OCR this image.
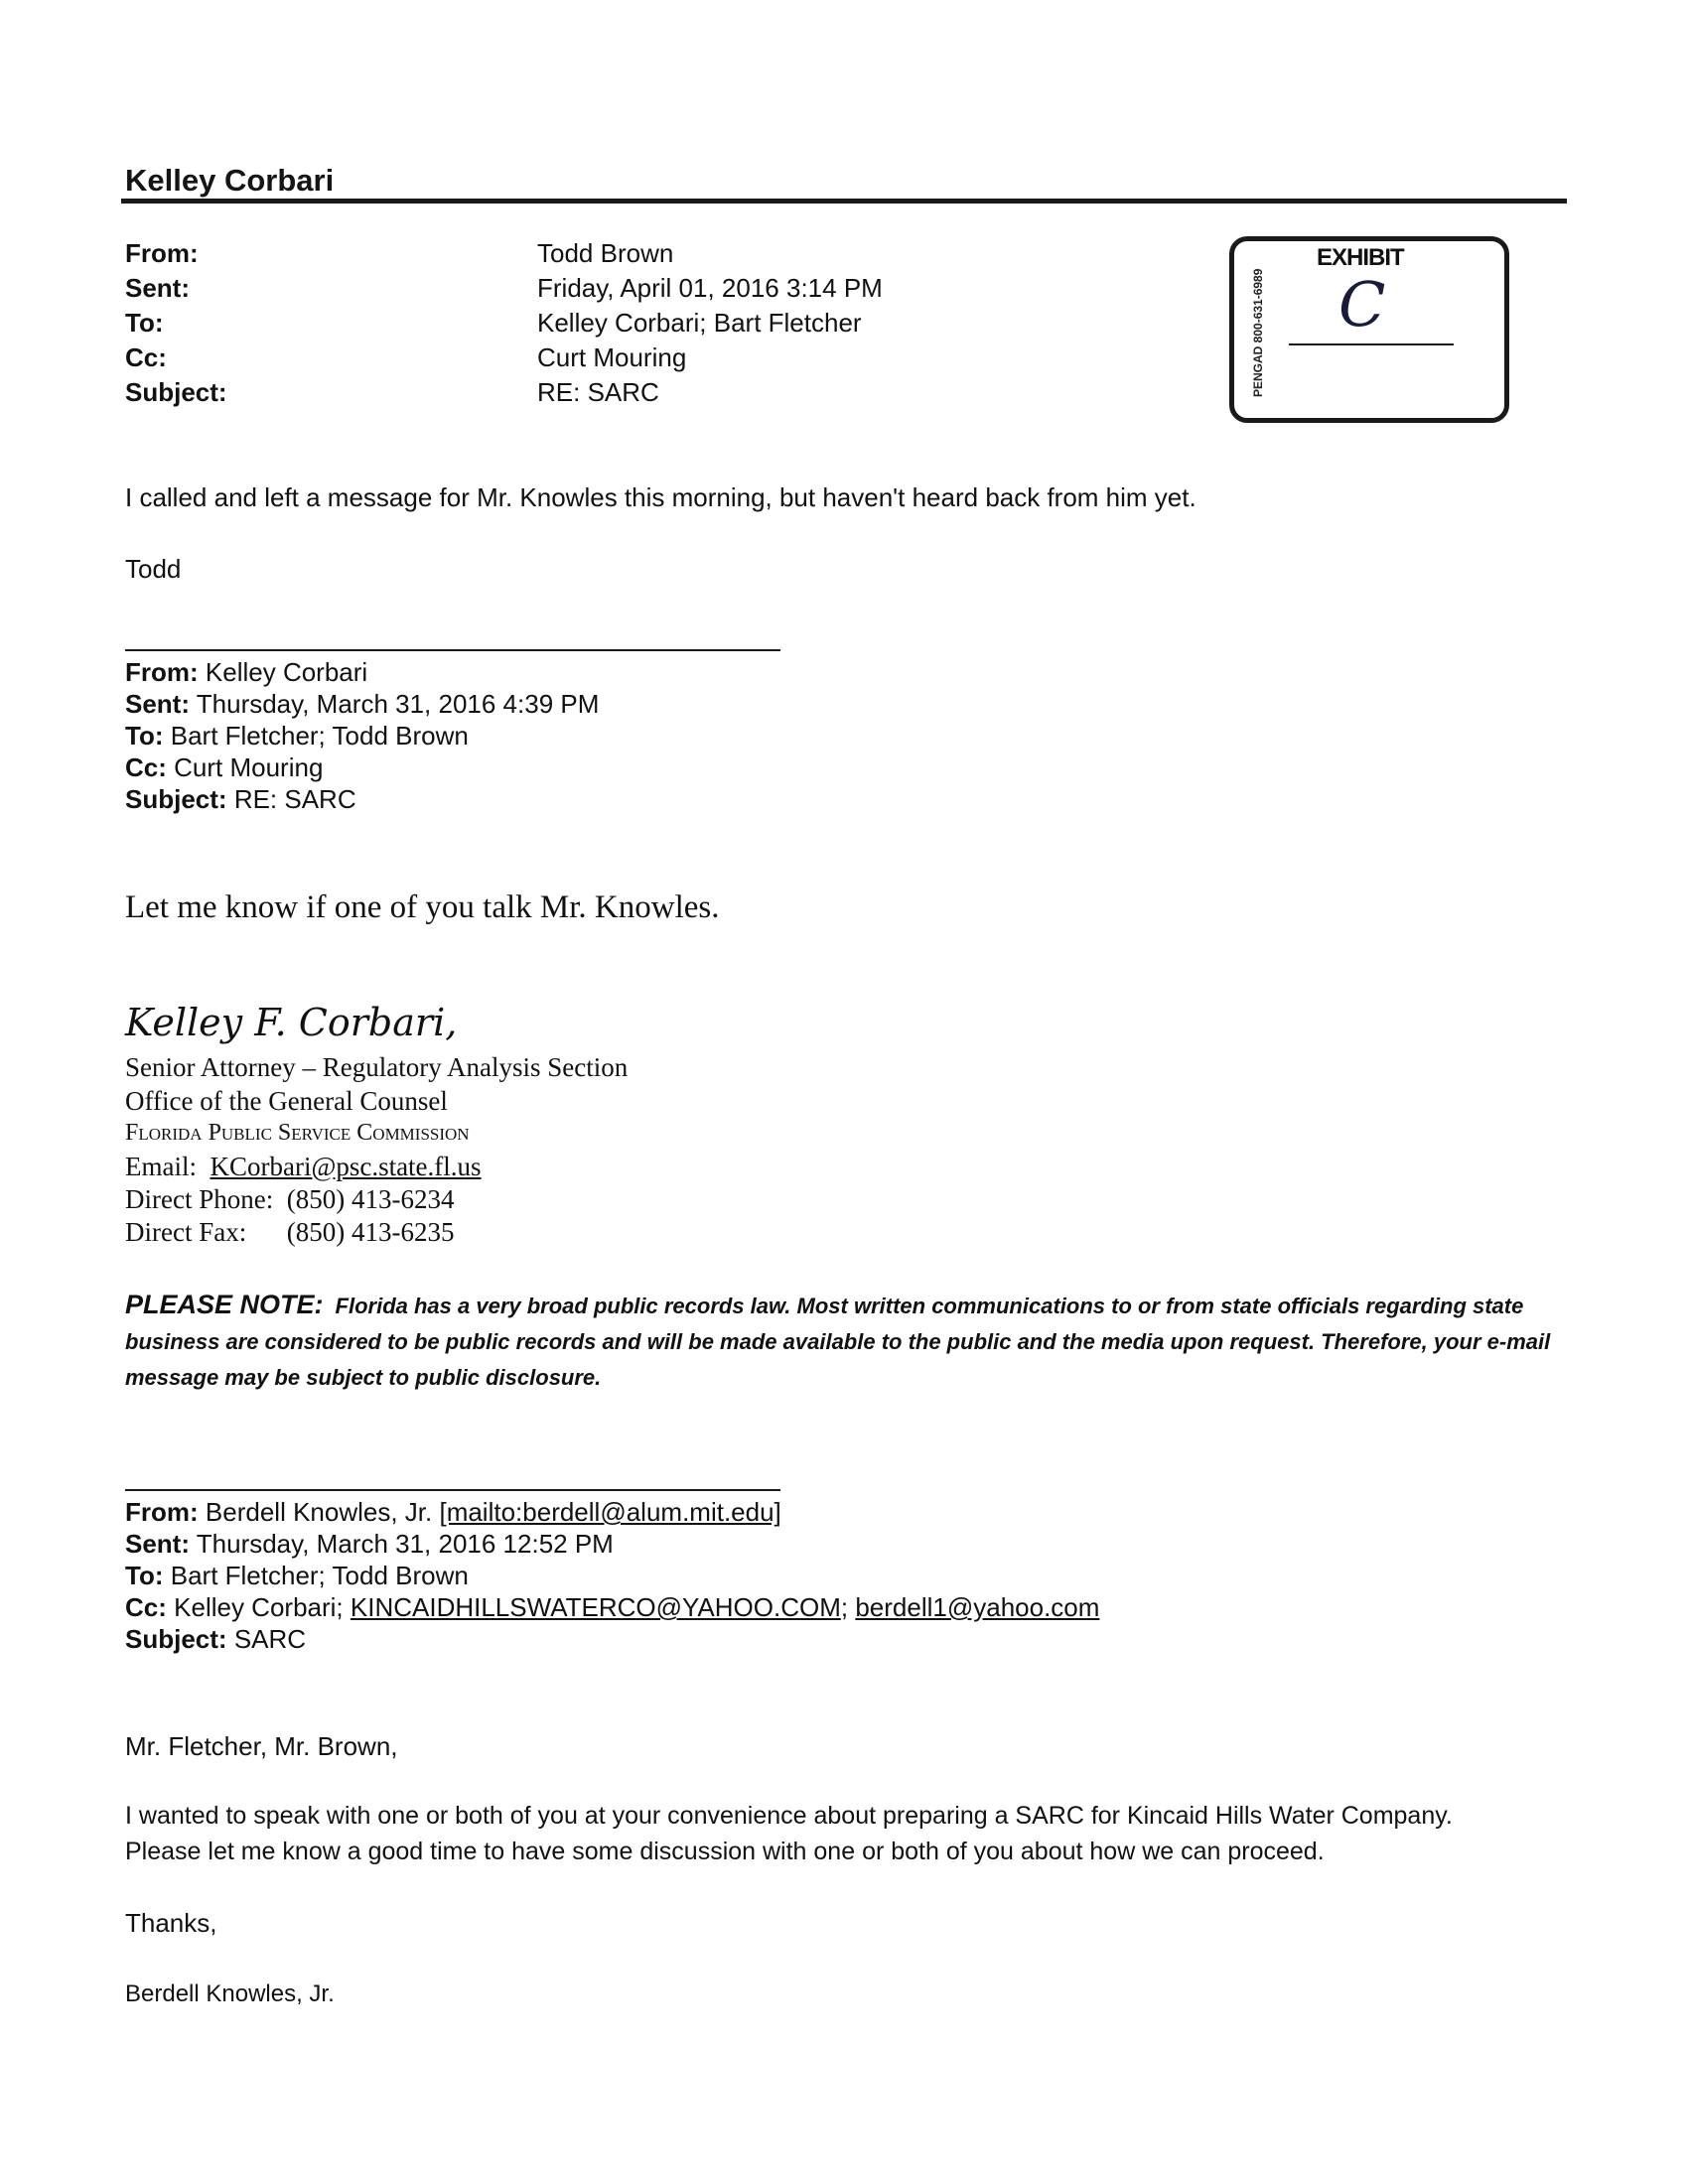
Kelley Corbari
PENGAD 800-631-6989
EXHIBIT
C
From:	Todd Brown
Sent:	Friday, April 01, 2016 3:14 PM
To:	Kelley Corbari; Bart Fletcher
Cc:	Curt Mouring
Subject:	RE: SARC
I called and left a message for Mr. Knowles this morning, but haven't heard back from him yet.
Todd
From: Kelley Corbari
Sent: Thursday, March 31, 2016 4:39 PM
To: Bart Fletcher; Todd Brown
Cc: Curt Mouring
Subject: RE: SARC
Let me know if one of you talk Mr. Knowles.
Kelley F. Corbari,
Senior Attorney – Regulatory Analysis Section
Office of the General Counsel
Florida Public Service Commission
Email: KCorbari@psc.state.fl.us
Direct Phone: (850) 413-6234
Direct Fax: (850) 413-6235
PLEASE NOTE: Florida has a very broad public records law. Most written communications to or from state officials regarding state business are considered to be public records and will be made available to the public and the media upon request. Therefore, your e-mail message may be subject to public disclosure.
From: Berdell Knowles, Jr. [mailto:berdell@alum.mit.edu]
Sent: Thursday, March 31, 2016 12:52 PM
To: Bart Fletcher; Todd Brown
Cc: Kelley Corbari; KINCAIDHILLSWATERCO@YAHOO.COM; berdell1@yahoo.com
Subject: SARC
Mr. Fletcher, Mr. Brown,
I wanted to speak with one or both of you at your convenience about preparing a SARC for Kincaid Hills Water Company.
Please let me know a good time to have some discussion with one or both of you about how we can proceed.
Thanks,
Berdell Knowles, Jr.
